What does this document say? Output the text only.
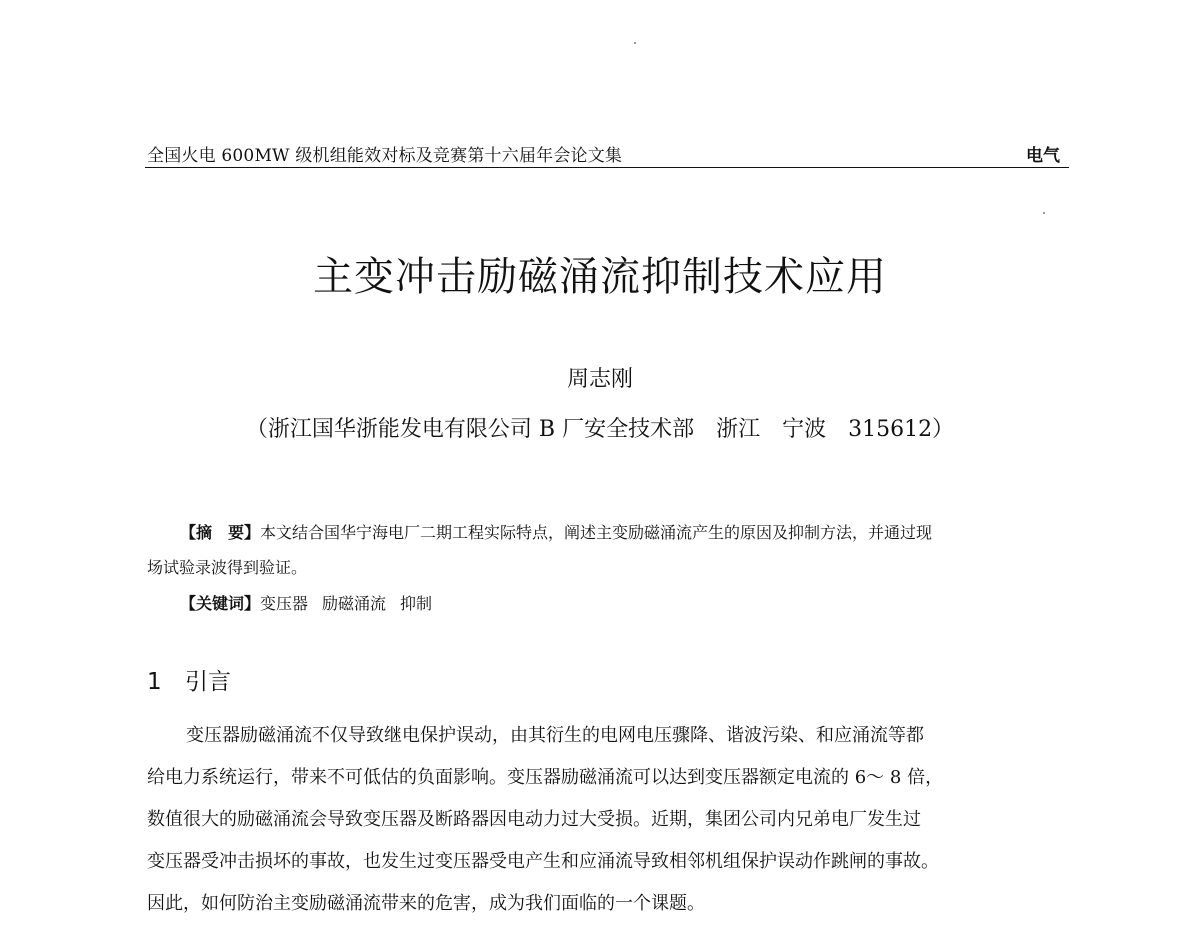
全国火电 600MW 级机组能效对标及竞赛第十六届年会论文集	电气
主变冲击励磁涌流抑制技术应用
周志刚
（浙江国华浙能发电有限公司 B 厂安全技术部　浙江　宁波　315612）
【摘　要】本文结合国华宁海电厂二期工程实际特点，阐述主变励磁涌流产生的原因及抑制方法，并通过现
场试验录波得到验证。
【关键词】变压器 励磁涌流 抑制
1 引言
变压器励磁涌流不仅导致继电保护误动，由其衍生的电网电压骤降、谐波污染、和应涌流等都
给电力系统运行，带来不可低估的负面影响。变压器励磁涌流可以达到变压器额定电流的 6～ 8 倍，
数值很大的励磁涌流会导致变压器及断路器因电动力过大受损。近期，集团公司内兄弟电厂发生过
变压器受冲击损坏的事故，也发生过变压器受电产生和应涌流导致相邻机组保护误动作跳闸的事故。
因此，如何防治主变励磁涌流带来的危害，成为我们面临的一个课题。
